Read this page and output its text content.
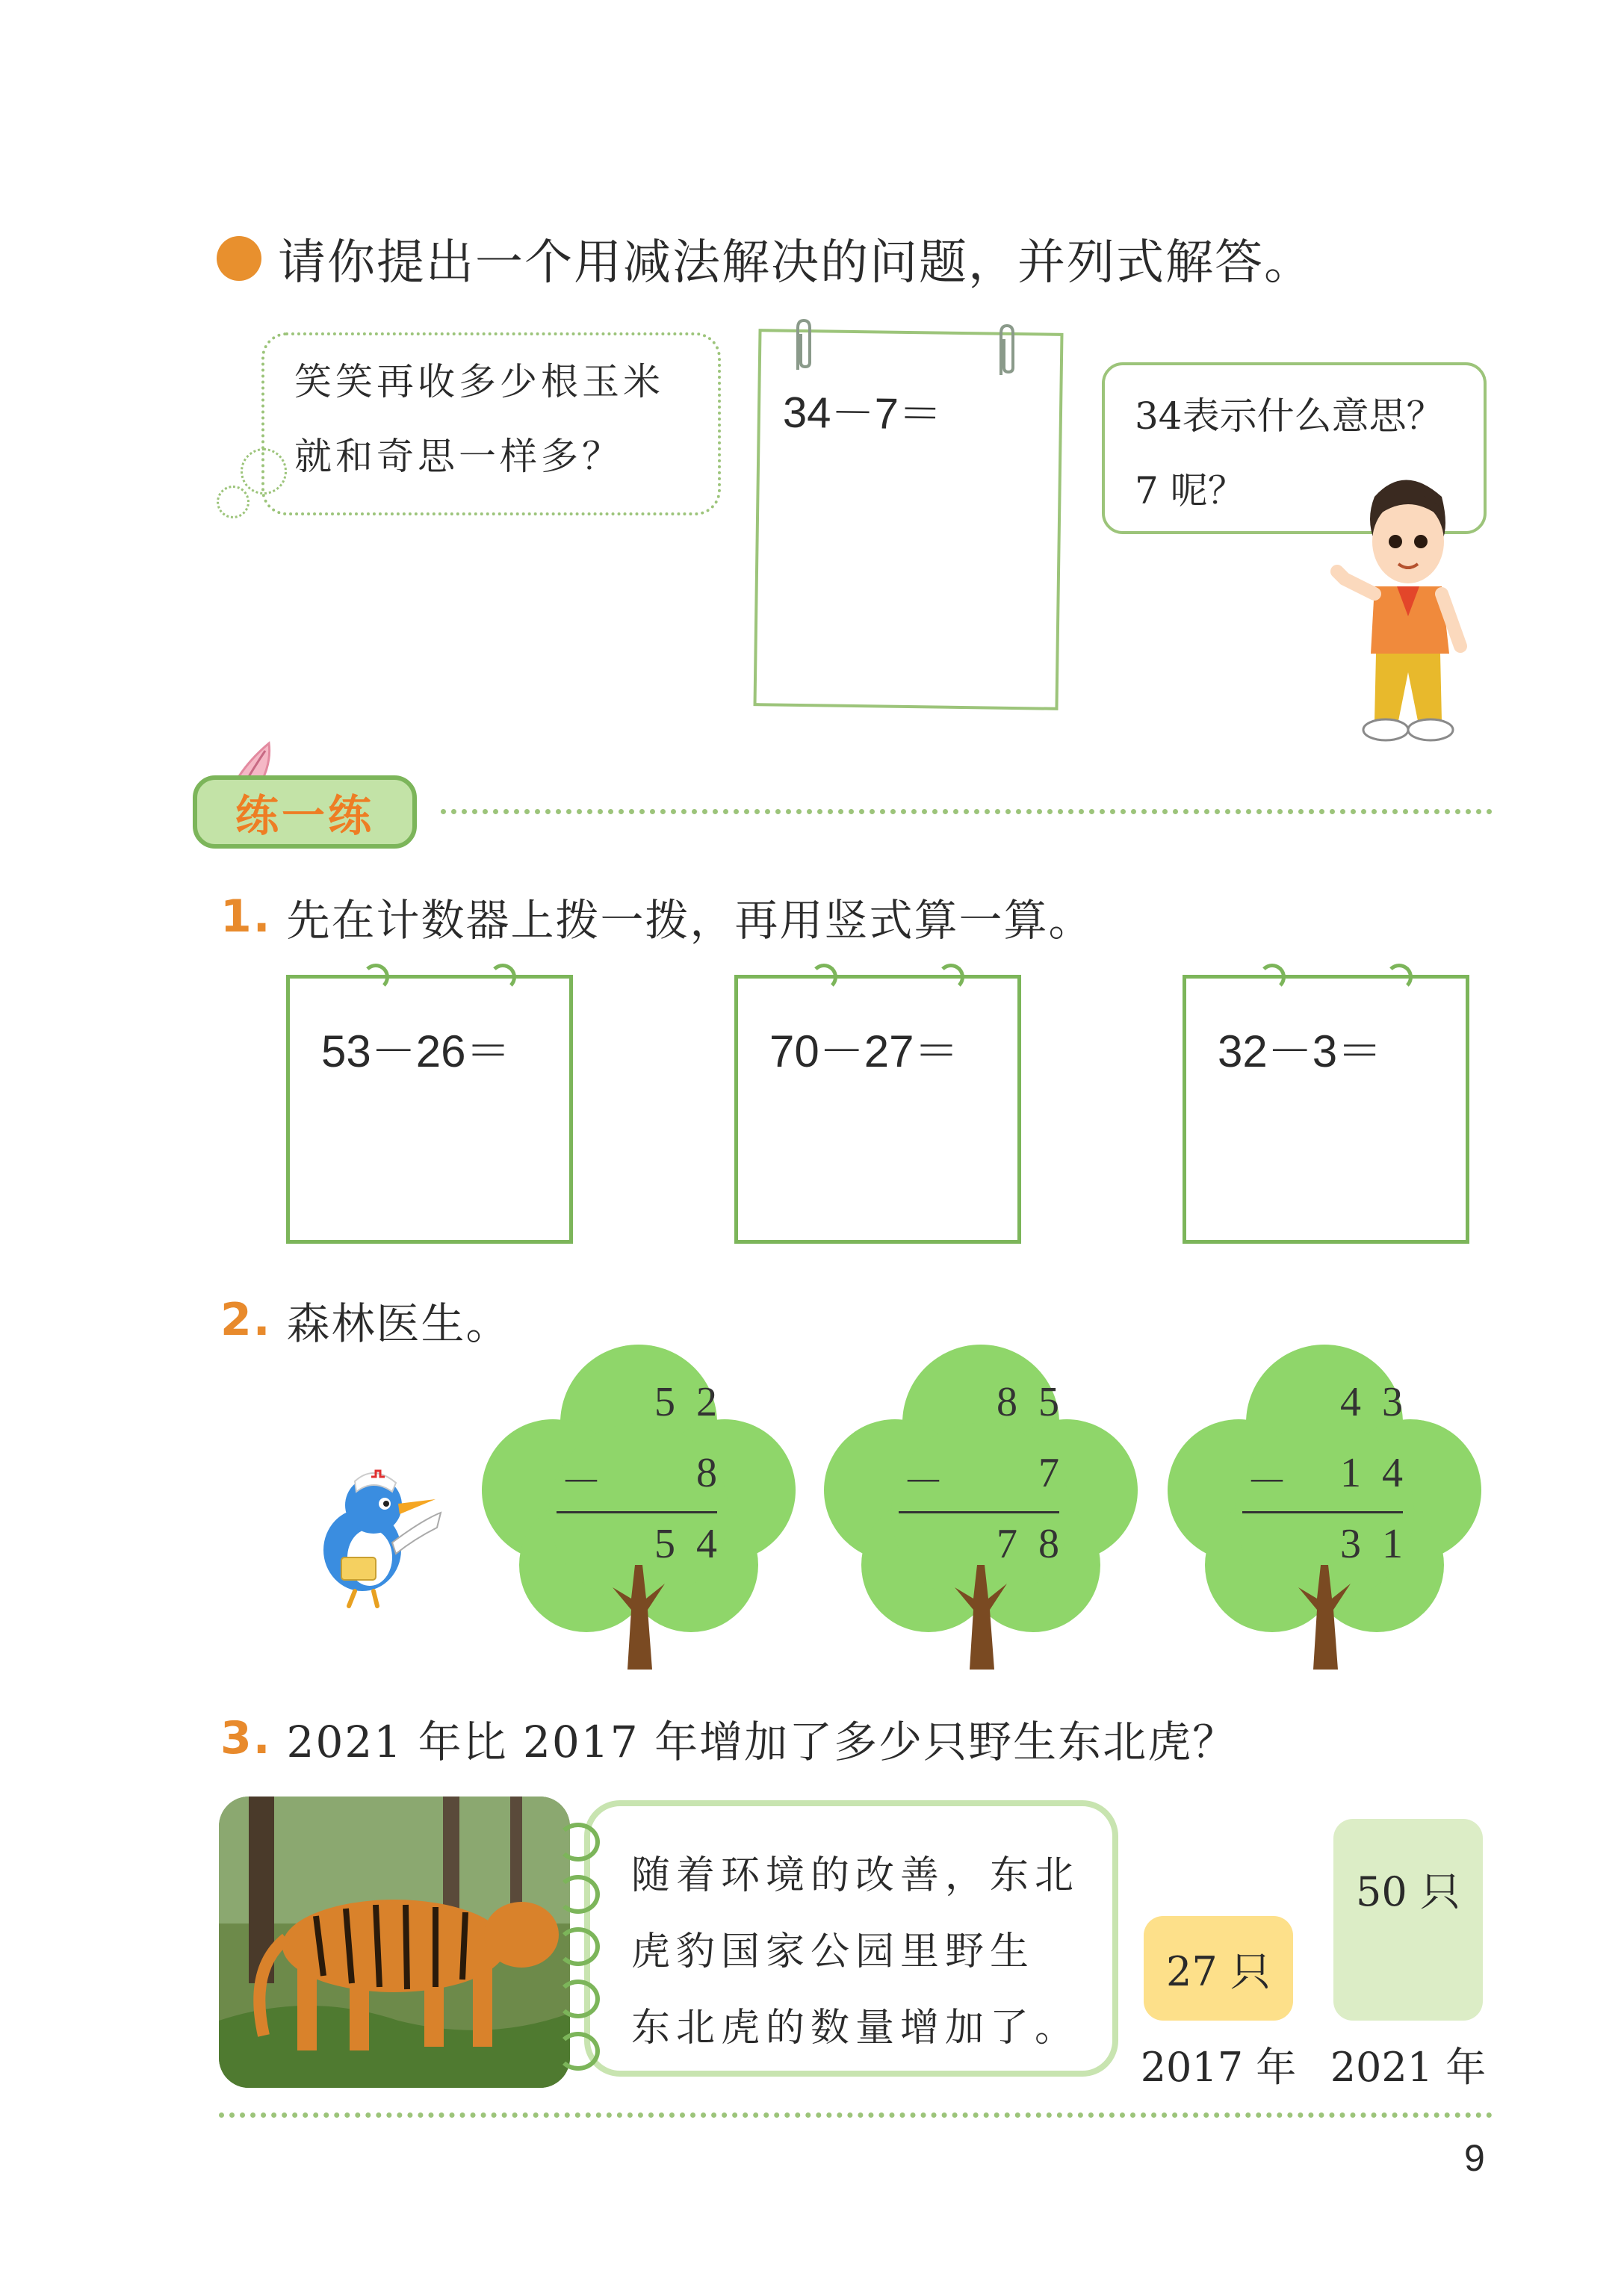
请你提出一个用减法解决的问题，并列式解答。
笑笑再收多少根玉米
就和奇思一样多？
34－7＝	34表示什么意思？
7 呢？
练一练
1. 先在计数器上拨一拨，再用竖式算一算。
53－26＝	70－27＝	32－3＝
2. 森林医生。
5  2
－	8
5  4
8  5
－	7
7  8
4  3
－	1  4
3  1
3. 2021 年比 2017 年增加了多少只野生东北虎？
随着环境的改善，东北
虎豹国家公园里野生
东北虎的数量增加了。
27 只
2017 年
50 只
2021 年
9
